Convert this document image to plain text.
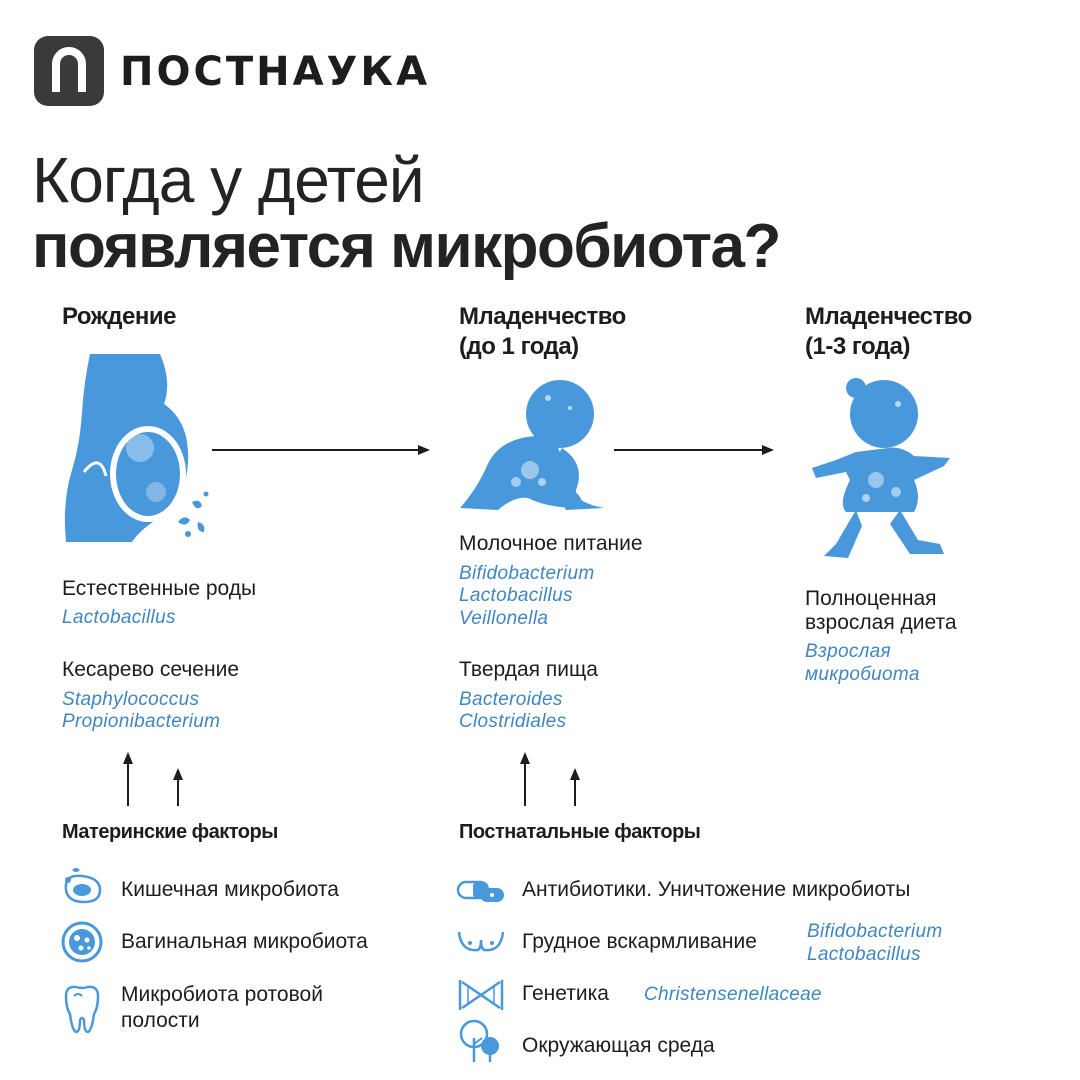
ПОСТНАУКА
Когда у детей
появляется микробиота?
Рождение	Младенчество
(до 1 года)
Младенчество
(1-3 года)
Естественные роды
Lactobacillus
Кесарево сечение
Staphylococcus
Propionibacterium
Молочное питание
Bifidobacterium
Lactobacillus
Veillonella
Твердая пища
Bacteroides
Clostridiales
Полноценная
взрослая диета
Взрослая
микробиота
Материнские факторы	Постнатальные факторы
Кишечная микробиота
Вагинальная микробиота
Микробиота ротовой
полости
Антибиотики. Уничтожение микробиоты
Грудное вскармливание	Bifidobacterium
Lactobacillus
Генетика Christensenellaceae
Окружающая среда
